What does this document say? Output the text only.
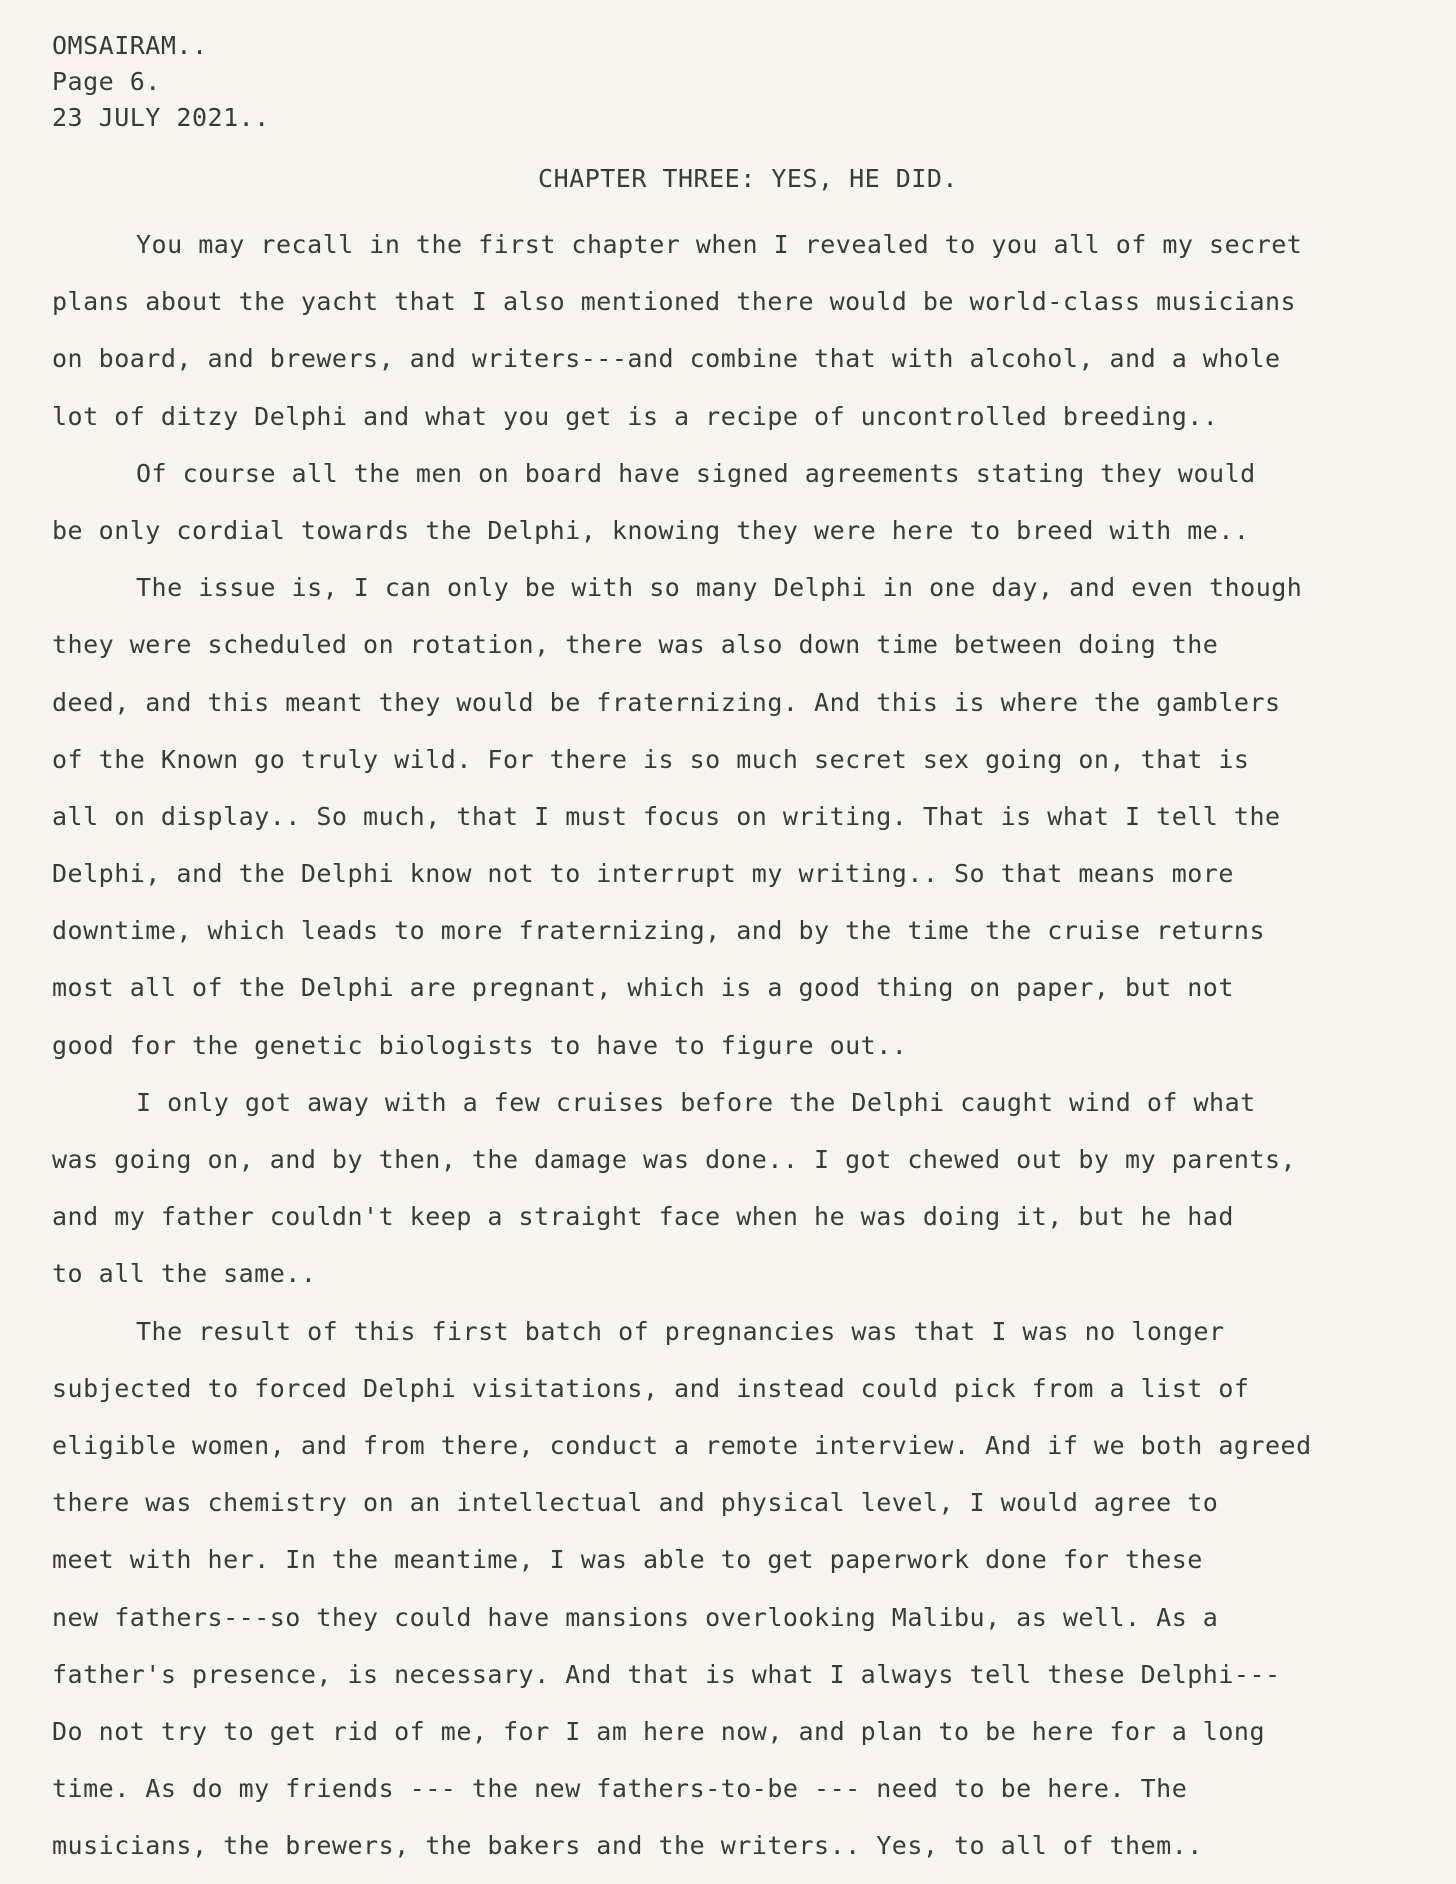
OMSAIRAM..
Page 6.
23 JULY 2021..
CHAPTER THREE: YES, HE DID.
You may recall in the first chapter when I revealed to you all of my secret
plans about the yacht that I also mentioned there would be world-class musicians
on board, and brewers, and writers---and combine that with alcohol, and a whole
lot of ditzy Delphi and what you get is a recipe of uncontrolled breeding..
Of course all the men on board have signed agreements stating they would
be only cordial towards the Delphi, knowing they were here to breed with me..
The issue is, I can only be with so many Delphi in one day, and even though
they were scheduled on rotation, there was also down time between doing the
deed, and this meant they would be fraternizing. And this is where the gamblers
of the Known go truly wild. For there is so much secret sex going on, that is
all on display.. So much, that I must focus on writing. That is what I tell the
Delphi, and the Delphi know not to interrupt my writing.. So that means more
downtime, which leads to more fraternizing, and by the time the cruise returns
most all of the Delphi are pregnant, which is a good thing on paper, but not
good for the genetic biologists to have to figure out..
I only got away with a few cruises before the Delphi caught wind of what
was going on, and by then, the damage was done.. I got chewed out by my parents,
and my father couldn't keep a straight face when he was doing it, but he had
to all the same..
The result of this first batch of pregnancies was that I was no longer
subjected to forced Delphi visitations, and instead could pick from a list of
eligible women, and from there, conduct a remote interview. And if we both agreed
there was chemistry on an intellectual and physical level, I would agree to
meet with her. In the meantime, I was able to get paperwork done for these
new fathers---so they could have mansions overlooking Malibu, as well. As a
father's presence, is necessary. And that is what I always tell these Delphi---
Do not try to get rid of me, for I am here now, and plan to be here for a long
time. As do my friends --- the new fathers-to-be --- need to be here. The
musicians, the brewers, the bakers and the writers.. Yes, to all of them..
